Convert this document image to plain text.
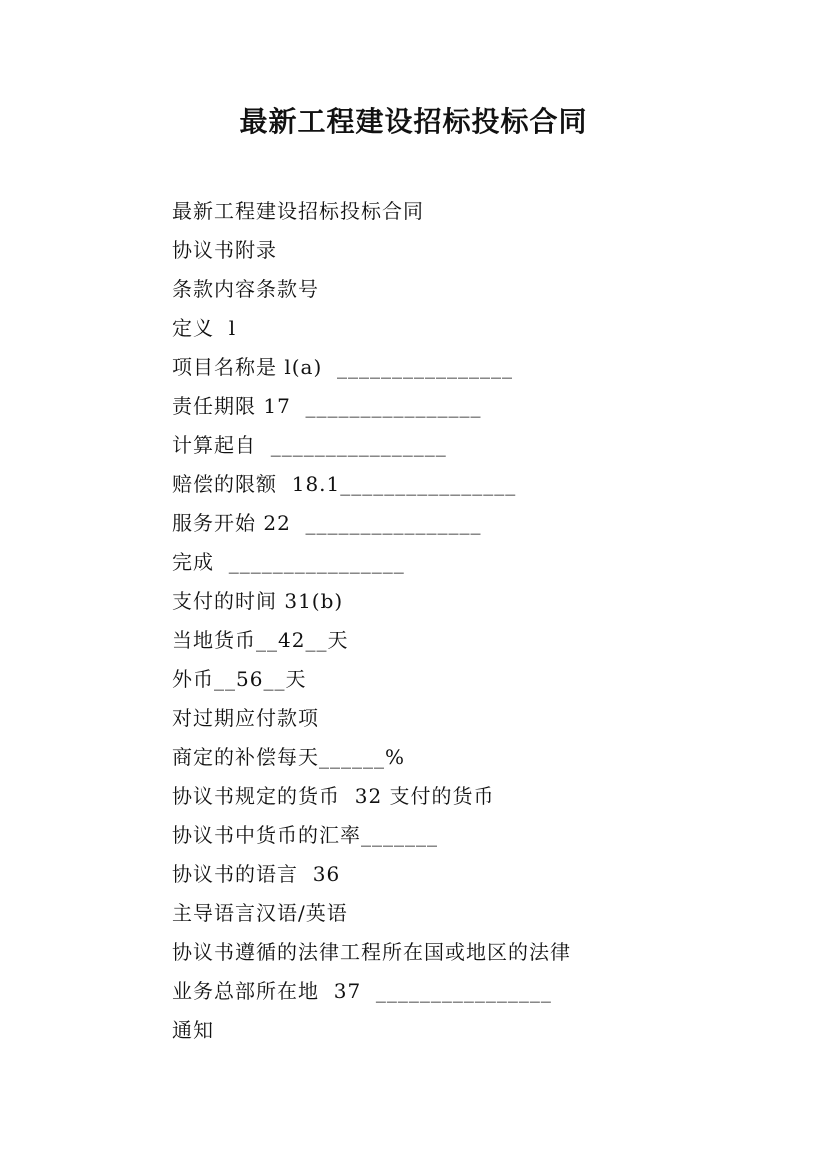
最新工程建设招标投标合同
最新工程建设招标投标合同
协议书附录
条款内容条款号
定义  l
项目名称是 l(a)  ________________
责任期限 17  ________________
计算起自  ________________
赔偿的限额  18.1________________
服务开始 22  ________________
完成  ________________
支付的时间 31(b)
当地货币__42__天
外币__56__天
对过期应付款项
商定的补偿每天______%
协议书规定的货币  32 支付的货币
协议书中货币的汇率_______
协议书的语言  36
主导语言汉语/英语
协议书遵循的法律工程所在国或地区的法律
业务总部所在地  37  ________________
通知
